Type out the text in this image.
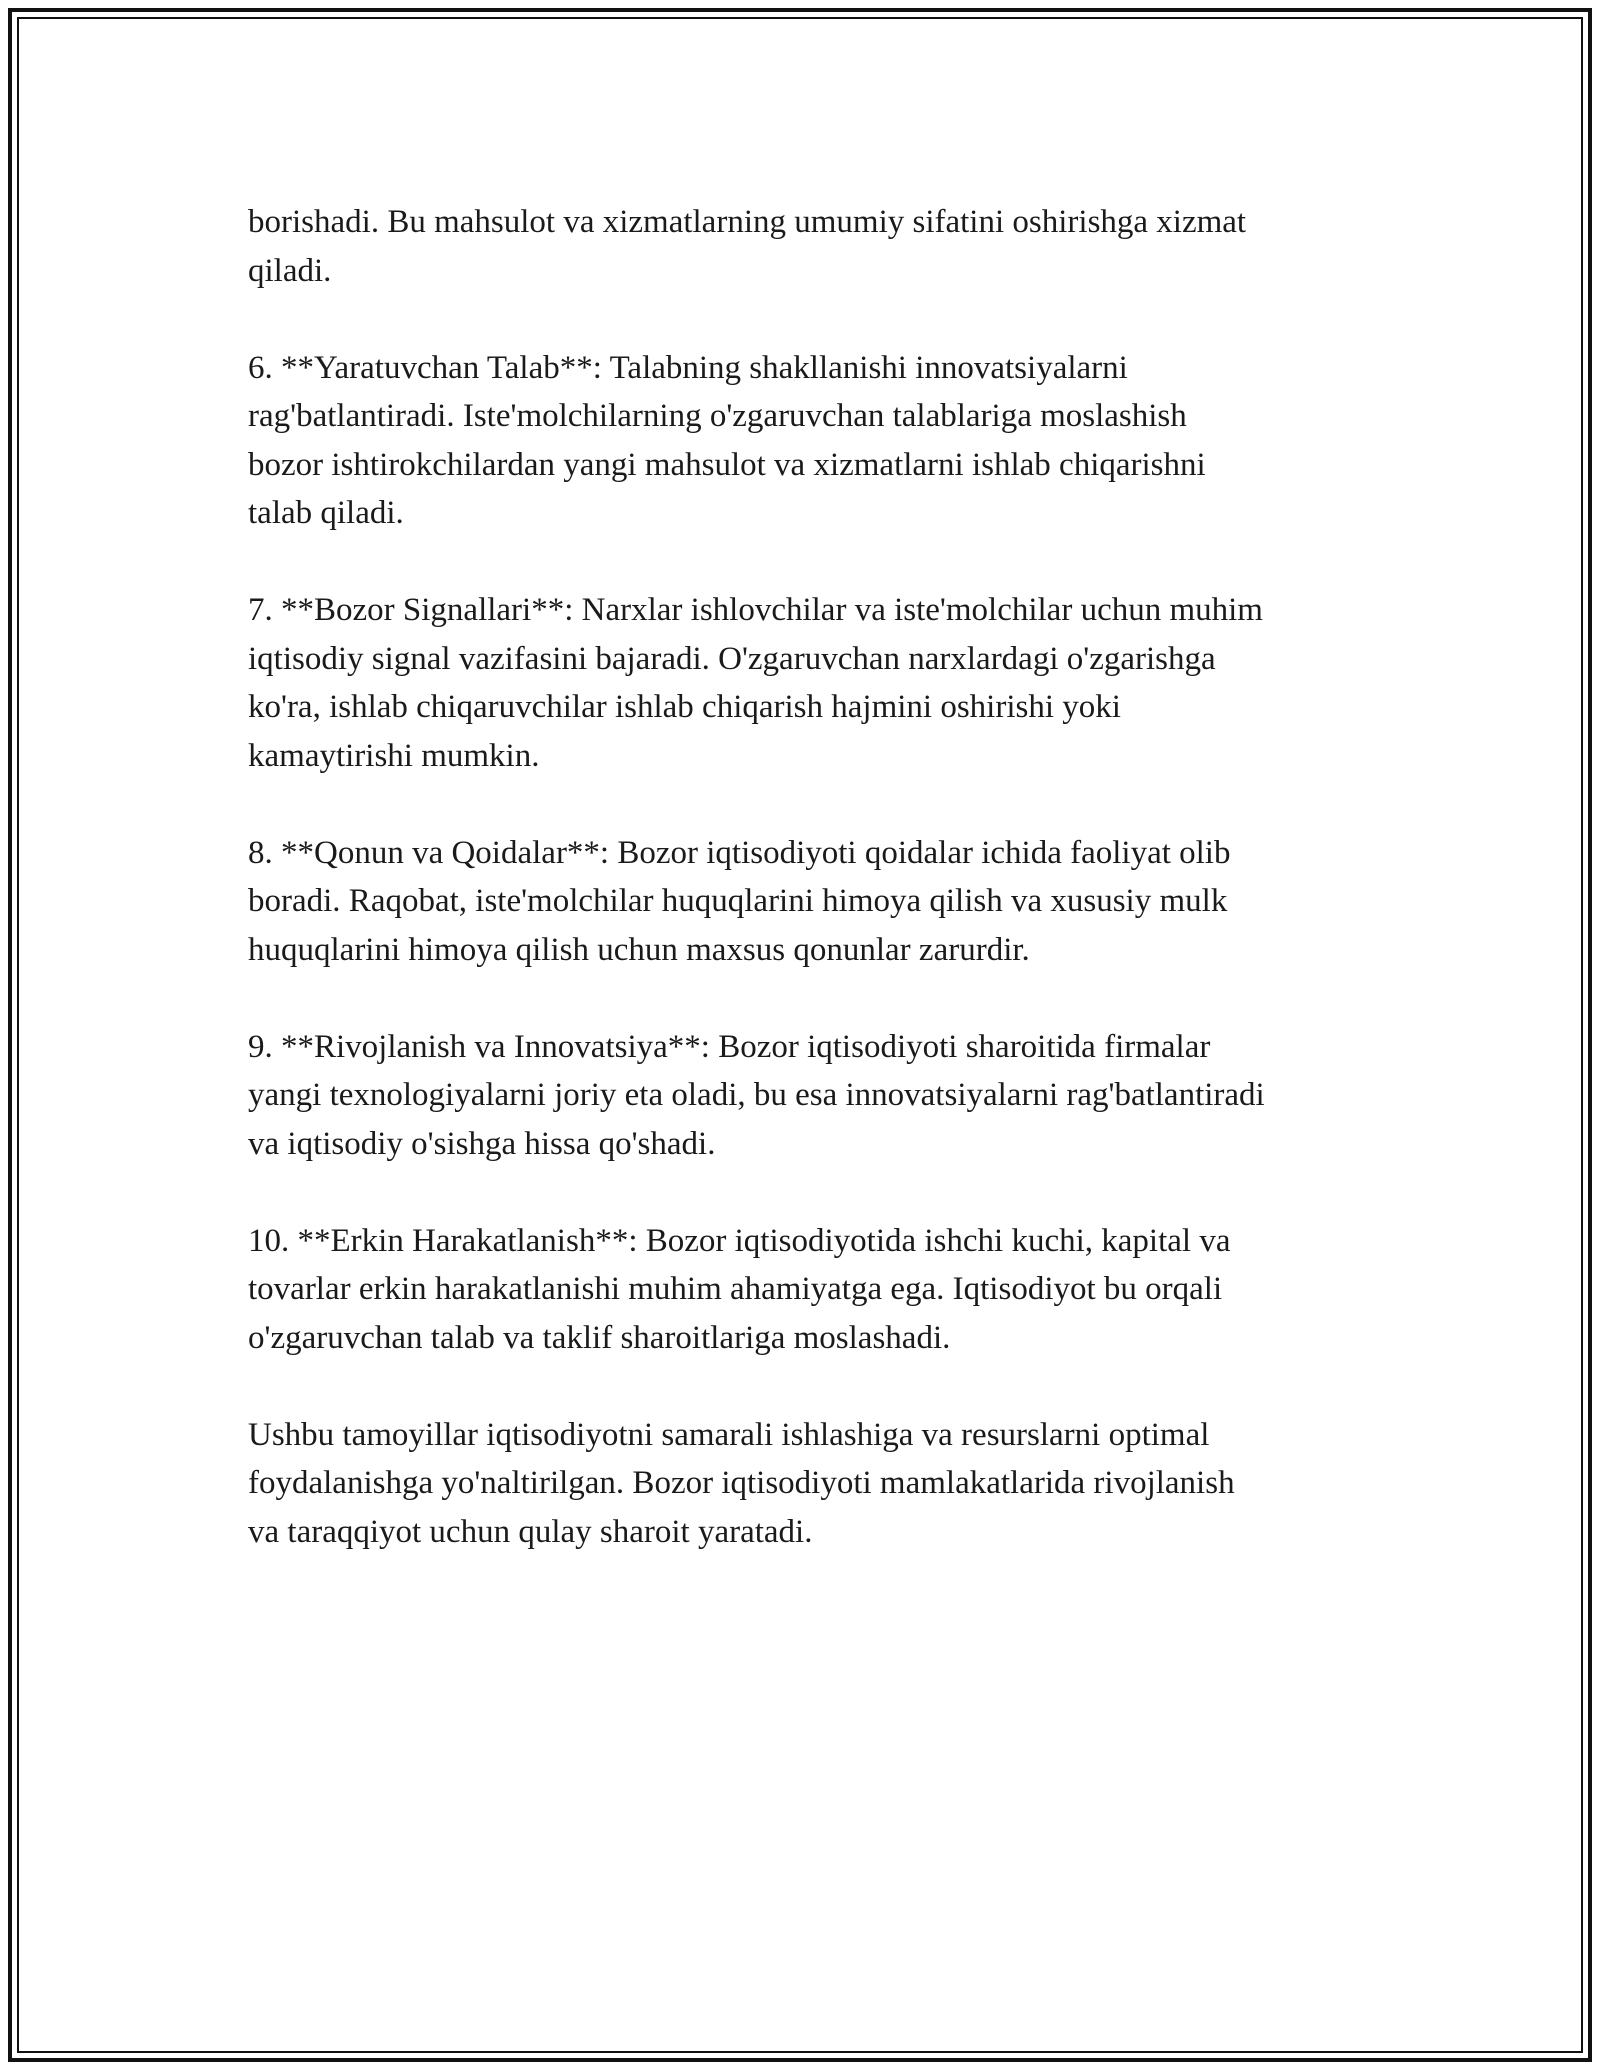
borishadi. Bu mahsulot va xizmatlarning umumiy sifatini oshirishga xizmat
qiladi.

6. **Yaratuvchan Talab**: Talabning shakllanishi innovatsiyalarni
rag'batlantiradi. Iste'molchilarning o'zgaruvchan talablariga moslashish
bozor ishtirokchilardan yangi mahsulot va xizmatlarni ishlab chiqarishni
talab qiladi.

7. **Bozor Signallari**: Narxlar ishlovchilar va iste'molchilar uchun muhim
iqtisodiy signal vazifasini bajaradi. O'zgaruvchan narxlardagi o'zgarishga
ko'ra, ishlab chiqaruvchilar ishlab chiqarish hajmini oshirishi yoki
kamaytirishi mumkin.

8. **Qonun va Qoidalar**: Bozor iqtisodiyoti qoidalar ichida faoliyat olib
boradi. Raqobat, iste'molchilar huquqlarini himoya qilish va xususiy mulk
huquqlarini himoya qilish uchun maxsus qonunlar zarurdir.

9. **Rivojlanish va Innovatsiya**: Bozor iqtisodiyoti sharoitida firmalar
yangi texnologiyalarni joriy eta oladi, bu esa innovatsiyalarni rag'batlantiradi
va iqtisodiy o'sishga hissa qo'shadi.

10. **Erkin Harakatlanish**: Bozor iqtisodiyotida ishchi kuchi, kapital va
tovarlar erkin harakatlanishi muhim ahamiyatga ega. Iqtisodiyot bu orqali
o'zgaruvchan talab va taklif sharoitlariga moslashadi.

Ushbu tamoyillar iqtisodiyotni samarali ishlashiga va resurslarni optimal
foydalanishga yo'naltirilgan. Bozor iqtisodiyoti mamlakatlarida rivojlanish
va taraqqiyot uchun qulay sharoit yaratadi.
